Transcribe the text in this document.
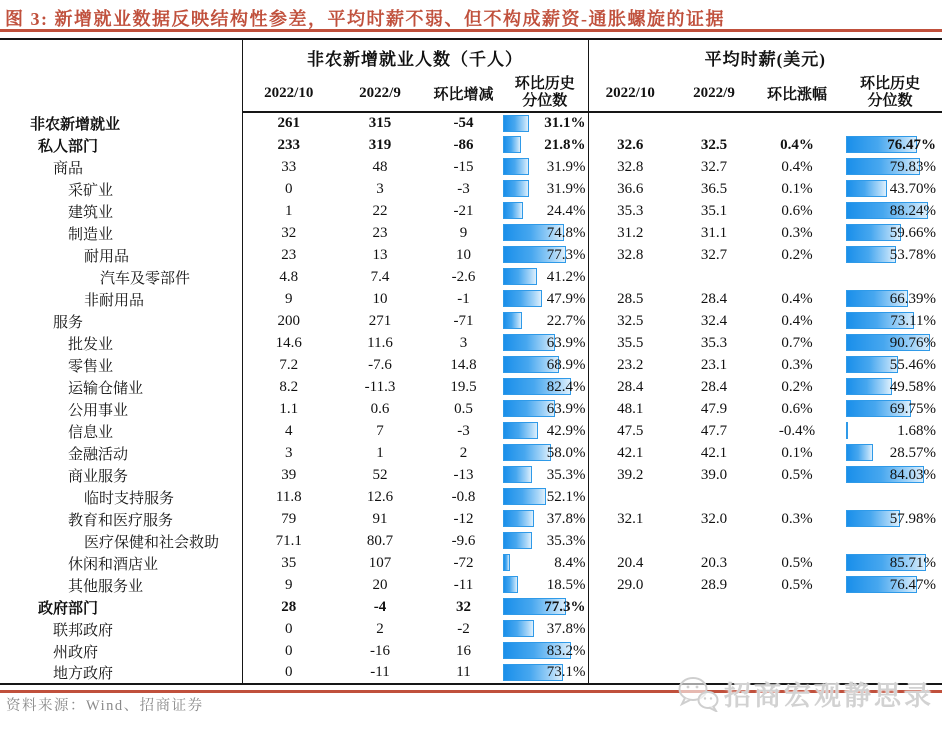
图 3: 新增就业数据反映结构性参差，平均时薪不弱、但不构成薪资-通胀螺旋的证据
	非农新增就业人数（千人）				平均时薪(美元)			
	2022/10	2022/9	环比增减	环比历史分位数	2022/10	2022/9	环比涨幅	环比历史分位数
非农新增就业	261	315	-54	31.1%				

私人部门	233	319	-86	21.8%	32.6	32.5	0.4%	76.47%

商品	33	48	-15	31.9%	32.8	32.7	0.4%	79.83%

采矿业	0	3	-3	31.9%	36.6	36.5	0.1%	43.70%

建筑业	1	22	-21	24.4%	35.3	35.1	0.6%	88.24%

制造业	32	23	9	74.8%	31.2	31.1	0.3%	59.66%

耐用品	23	13	10	77.3%	32.8	32.7	0.2%	53.78%

汽车及零部件	4.8	7.4	-2.6	41.2%				

非耐用品	9	10	-1	47.9%	28.5	28.4	0.4%	66.39%

服务	200	271	-71	22.7%	32.5	32.4	0.4%	73.11%

批发业	14.6	11.6	3	63.9%	35.5	35.3	0.7%	90.76%

零售业	7.2	-7.6	14.8	68.9%	23.2	23.1	0.3%	55.46%

运输仓储业	8.2	-11.3	19.5	82.4%	28.4	28.4	0.2%	49.58%

公用事业	1.1	0.6	0.5	63.9%	48.1	47.9	0.6%	69.75%

信息业	4	7	-3	42.9%	47.5	47.7	-0.4%	1.68%

金融活动	3	1	2	58.0%	42.1	42.1	0.1%	28.57%

商业服务	39	52	-13	35.3%	39.2	39.0	0.5%	84.03%

临时支持服务	11.8	12.6	-0.8	52.1%				

教育和医疗服务	79	91	-12	37.8%	32.1	32.0	0.3%	57.98%

医疗保健和社会救助	71.1	80.7	-9.6	35.3%				

休闲和酒店业	35	107	-72	8.4%	20.4	20.3	0.5%	85.71%

其他服务业	9	20	-11	18.5%	29.0	28.9	0.5%	76.47%

政府部门	28	-4	32	77.3%				

联邦政府	0	2	-2	37.8%				

州政府	0	-16	16	83.2%				

地方政府	0	-11	11	73.1%				

资料来源：Wind、招商证券	招商宏观静思录
